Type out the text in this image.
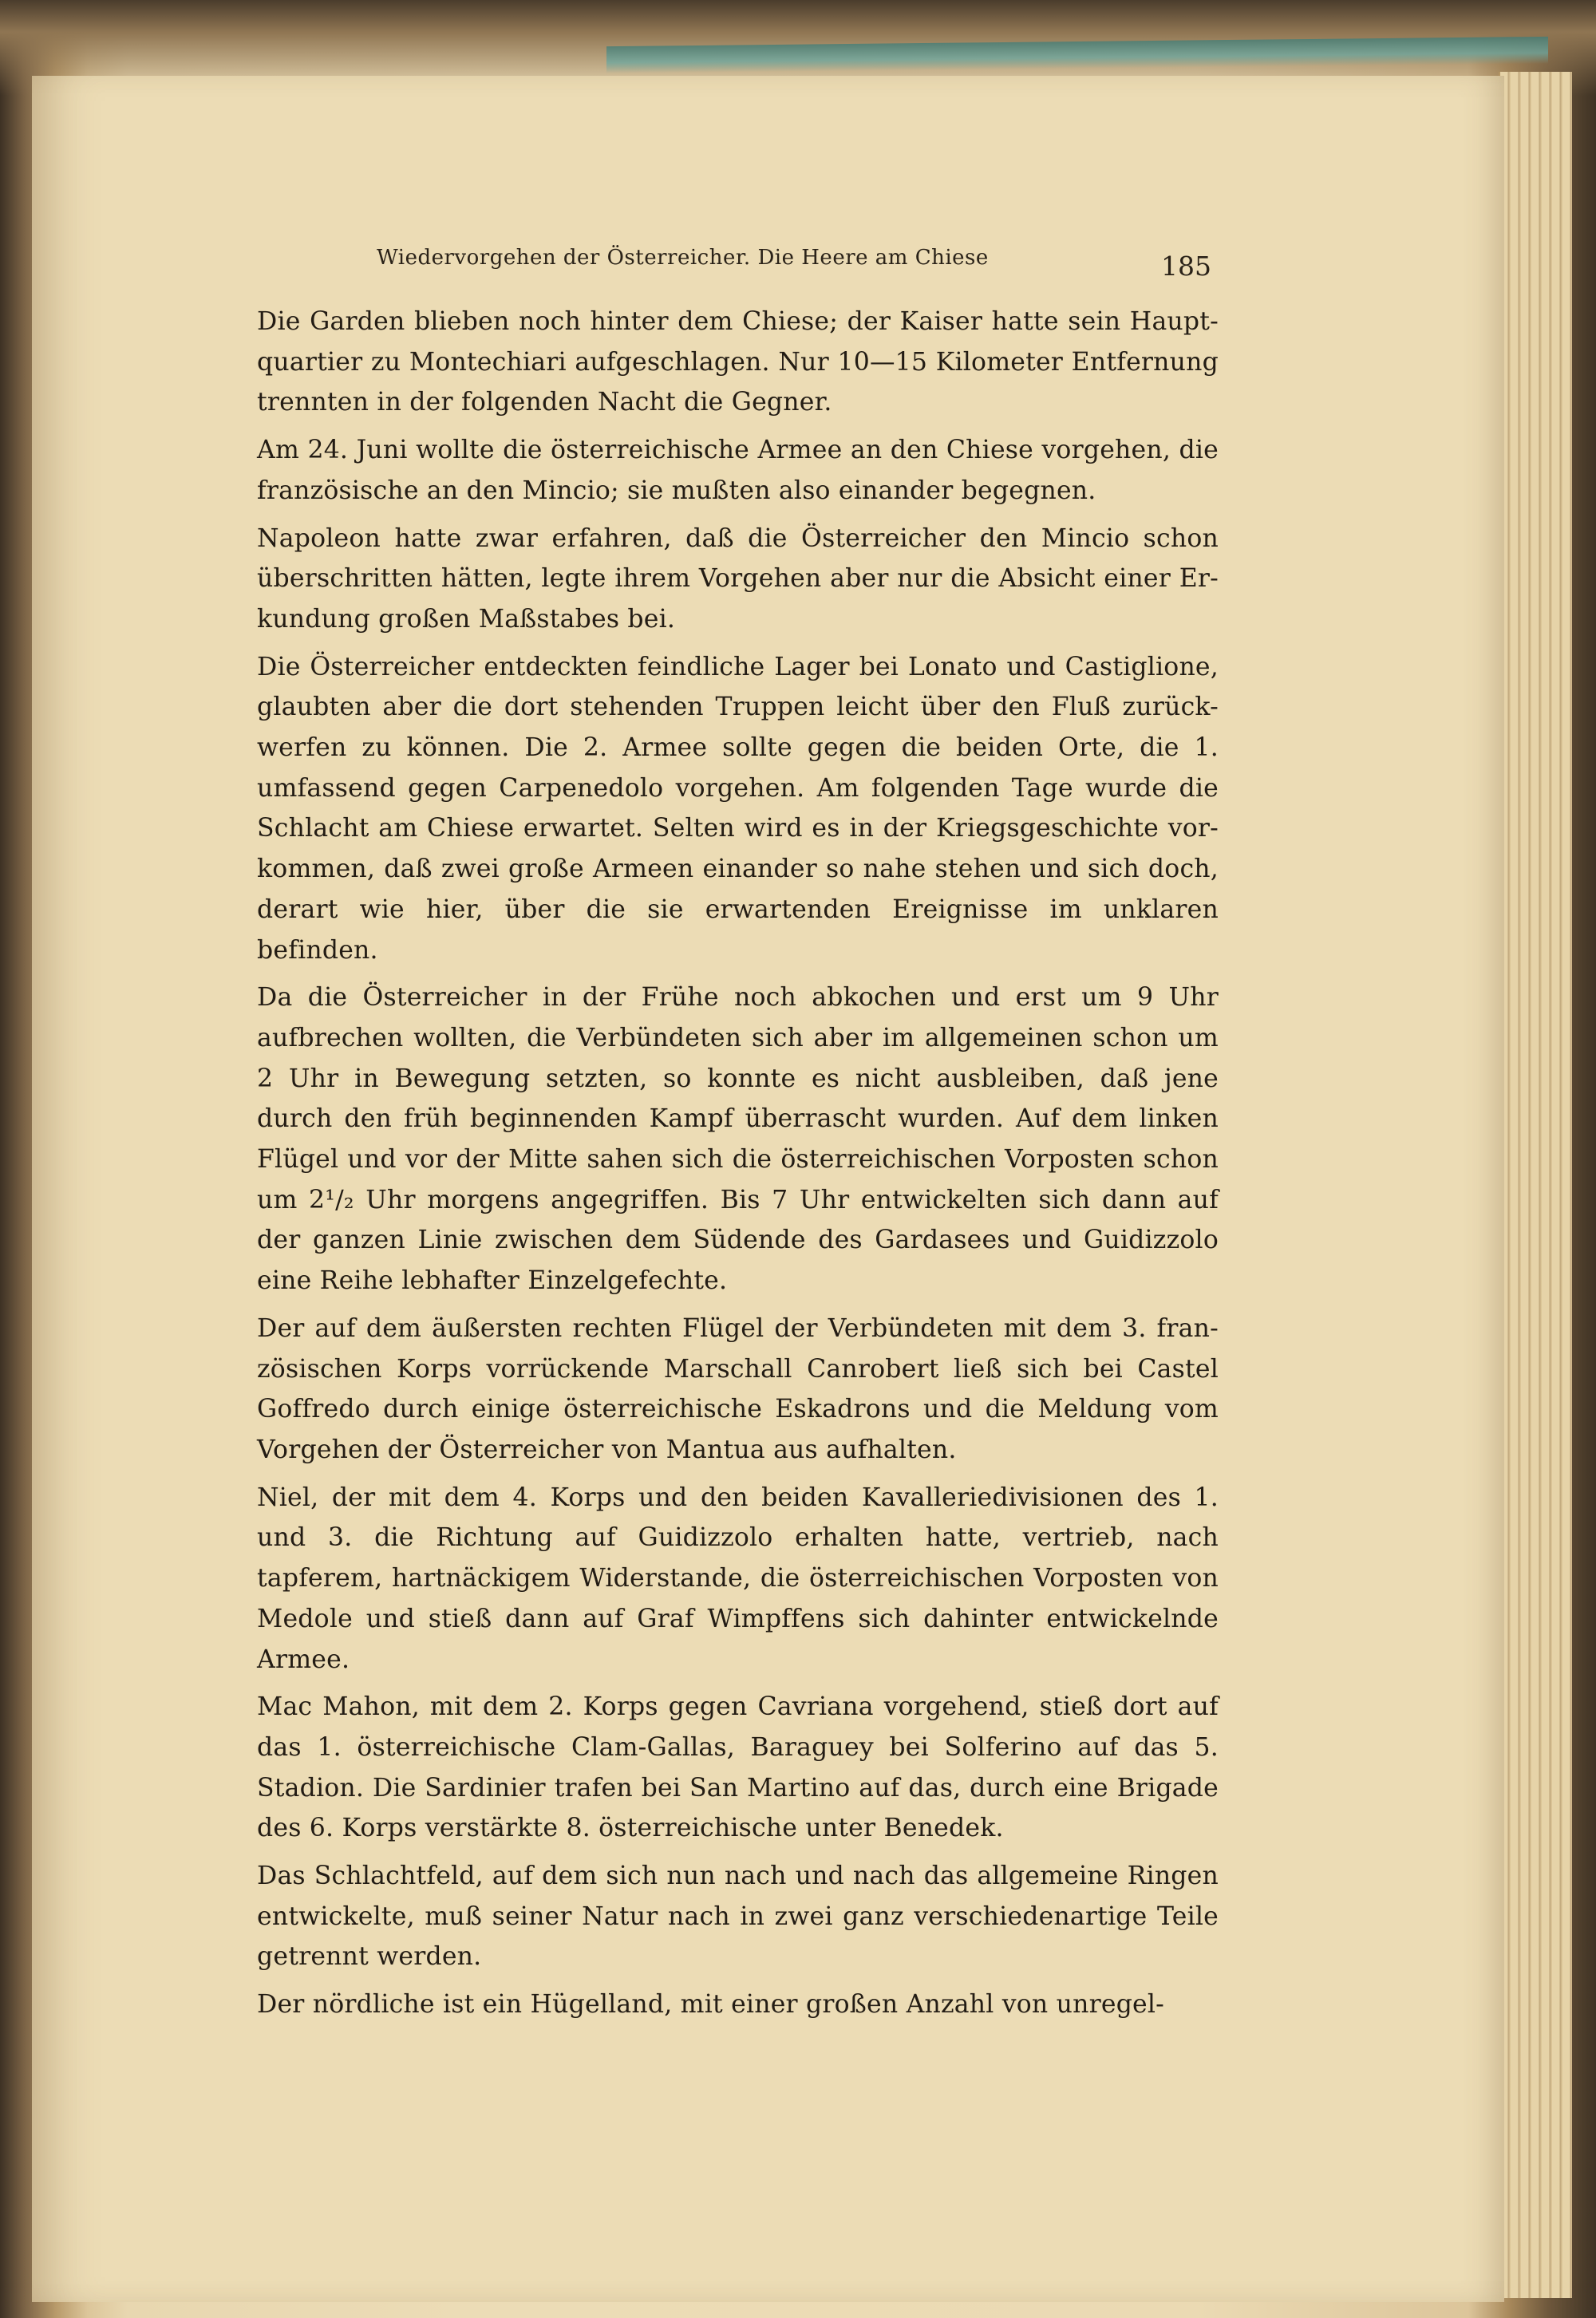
Wiedervorgehen der Österreicher. Die Heere am Chiese	185

Die Garden blieben noch hinter dem Chiese; der Kaiser hatte sein Haupt-quartier zu Montechiari aufgeschlagen. Nur 10—15 Kilometer Entfernung trennten in der folgenden Nacht die Gegner.

Am 24. Juni wollte die österreichische Armee an den Chiese vorgehen, die französische an den Mincio; sie mußten also einander begegnen.

Napoleon hatte zwar erfahren, daß die Österreicher den Mincio schon überschritten hätten, legte ihrem Vorgehen aber nur die Absicht einer Er-kundung großen Maßstabes bei.

Die Österreicher entdeckten feindliche Lager bei Lonato und Castiglione, glaubten aber die dort stehenden Truppen leicht über den Fluß zurück-werfen zu können. Die 2. Armee sollte gegen die beiden Orte, die 1. umfassend gegen Carpenedolo vorgehen. Am folgenden Tage wurde die Schlacht am Chiese erwartet. Selten wird es in der Kriegsgeschichte vor-kommen, daß zwei große Armeen einander so nahe stehen und sich doch, derart wie hier, über die sie erwartenden Ereignisse im unklaren befinden.

Da die Österreicher in der Frühe noch abkochen und erst um 9 Uhr aufbrechen wollten, die Verbündeten sich aber im allgemeinen schon um 2 Uhr in Bewegung setzten, so konnte es nicht ausbleiben, daß jene durch den früh beginnenden Kampf überrascht wurden. Auf dem linken Flügel und vor der Mitte sahen sich die österreichischen Vorposten schon um 2¹/₂ Uhr morgens angegriffen. Bis 7 Uhr entwickelten sich dann auf der ganzen Linie zwischen dem Südende des Gardasees und Guidizzolo eine Reihe lebhafter Einzelgefechte.

Der auf dem äußersten rechten Flügel der Verbündeten mit dem 3. fran-zösischen Korps vorrückende Marschall Canrobert ließ sich bei Castel Goffredo durch einige österreichische Eskadrons und die Meldung vom Vorgehen der Österreicher von Mantua aus aufhalten.

Niel, der mit dem 4. Korps und den beiden Kavalleriedivisionen des 1. und 3. die Richtung auf Guidizzolo erhalten hatte, vertrieb, nach tapferem, hartnäckigem Widerstande, die österreichischen Vorposten von Medole und stieß dann auf Graf Wimpffens sich dahinter entwickelnde Armee.

Mac Mahon, mit dem 2. Korps gegen Cavriana vorgehend, stieß dort auf das 1. österreichische Clam-Gallas, Baraguey bei Solferino auf das 5. Stadion. Die Sardinier trafen bei San Martino auf das, durch eine Brigade des 6. Korps verstärkte 8. österreichische unter Benedek.

Das Schlachtfeld, auf dem sich nun nach und nach das allgemeine Ringen entwickelte, muß seiner Natur nach in zwei ganz verschiedenartige Teile getrennt werden.

Der nördliche ist ein Hügelland, mit einer großen Anzahl von unregel-
